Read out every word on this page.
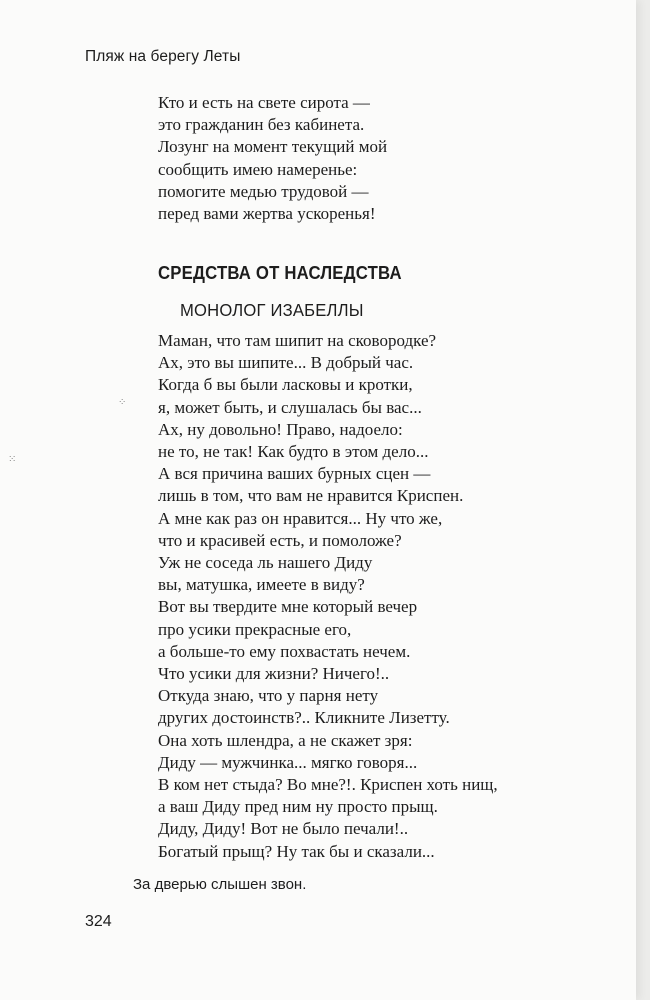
Пляж на берегу Леты
Кто и есть на свете сирота —
это гражданин без кабинета.
Лозунг на момент текущий мой
сообщить имею намеренье:
помогите медью трудовой —
перед вами жертва ускоренья!
СРЕДСТВА ОТ НАСЛЕДСТВА
МОНОЛОГ ИЗАБЕЛЛЫ
Маман, что там шипит на сковородке?
Ах, это вы шипите... В добрый час.
Когда б вы были ласковы и кротки,
я, может быть, и слушалась бы вас...
Ах, ну довольно! Право, надоело:
не то, не так! Как будто в этом дело...
А вся причина ваших бурных сцен —
лишь в том, что вам не нравится Криспен.
А мне как раз он нравится... Ну что же,
что и красивей есть, и помоложе?
Уж не соседа ль нашего Диду
вы, матушка, имеете в виду?
Вот вы твердите мне который вечер
про усики прекрасные его,
а больше-то ему похвастать нечем.
Что усики для жизни? Ничего!..
Откуда знаю, что у парня нету
других достоинств?.. Кликните Лизетту.
Она хоть шлендра, а не скажет зря:
Диду — мужчинка... мягко говоря...
В ком нет стыда? Во мне?!. Криспен хоть нищ,
а ваш Диду пред ним ну просто прыщ.
Диду, Диду! Вот не было печали!..
Богатый прыщ? Ну так бы и сказали...
За дверью слышен звон.
324
⁘
⁙
